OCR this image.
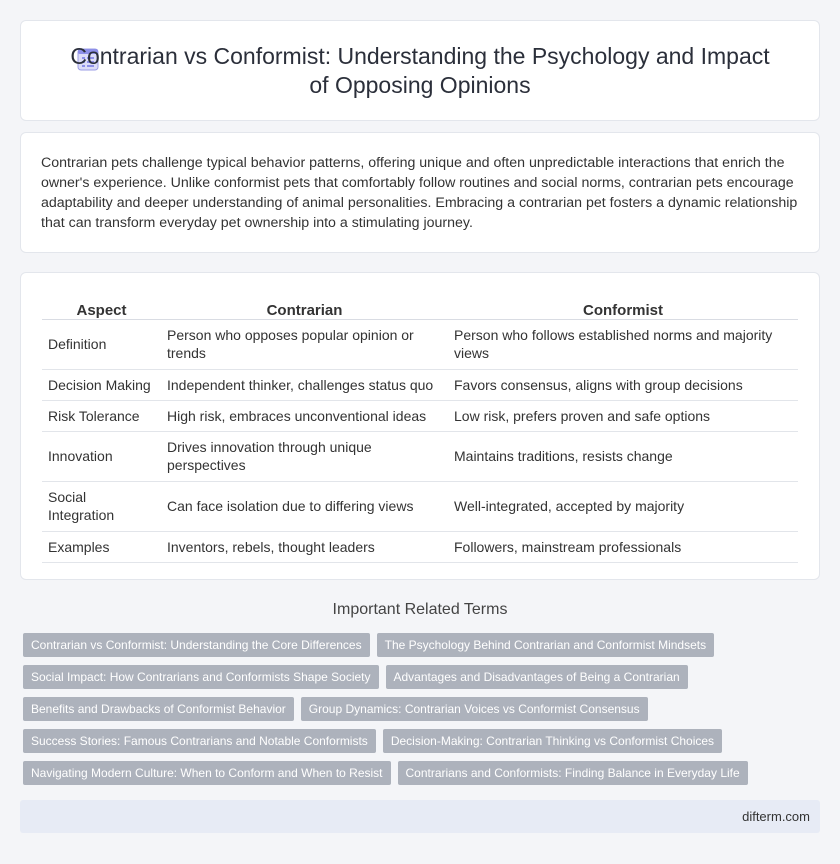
Contrarian vs Conformist: Understanding the Psychology and Impact of Opposing Opinions

Contrarian pets challenge typical behavior patterns, offering unique and often unpredictable interactions that enrich the owner's experience. Unlike conformist pets that comfortably follow routines and social norms, contrarian pets encourage adaptability and deeper understanding of animal personalities. Embracing a contrarian pet fosters a dynamic relationship that can transform everyday pet ownership into a stimulating journey.

Aspect	Contrarian	Conformist
Definition	Person who opposes popular opinion or trends	Person who follows established norms and majority views
Decision Making	Independent thinker, challenges status quo	Favors consensus, aligns with group decisions
Risk Tolerance	High risk, embraces unconventional ideas	Low risk, prefers proven and safe options
Innovation	Drives innovation through unique perspectives	Maintains traditions, resists change
Social Integration	Can face isolation due to differing views	Well-integrated, accepted by majority
Examples	Inventors, rebels, thought leaders	Followers, mainstream professionals
Important Related Terms
Contrarian vs Conformist: Understanding the Core Differences	The Psychology Behind Contrarian and Conformist Mindsets
Social Impact: How Contrarians and Conformists Shape Society	Advantages and Disadvantages of Being a Contrarian
Benefits and Drawbacks of Conformist Behavior	Group Dynamics: Contrarian Voices vs Conformist Consensus
Success Stories: Famous Contrarians and Notable Conformists	Decision-Making: Contrarian Thinking vs Conformist Choices
Navigating Modern Culture: When to Conform and When to Resist	Contrarians and Conformists: Finding Balance in Everyday Life
difterm.com
